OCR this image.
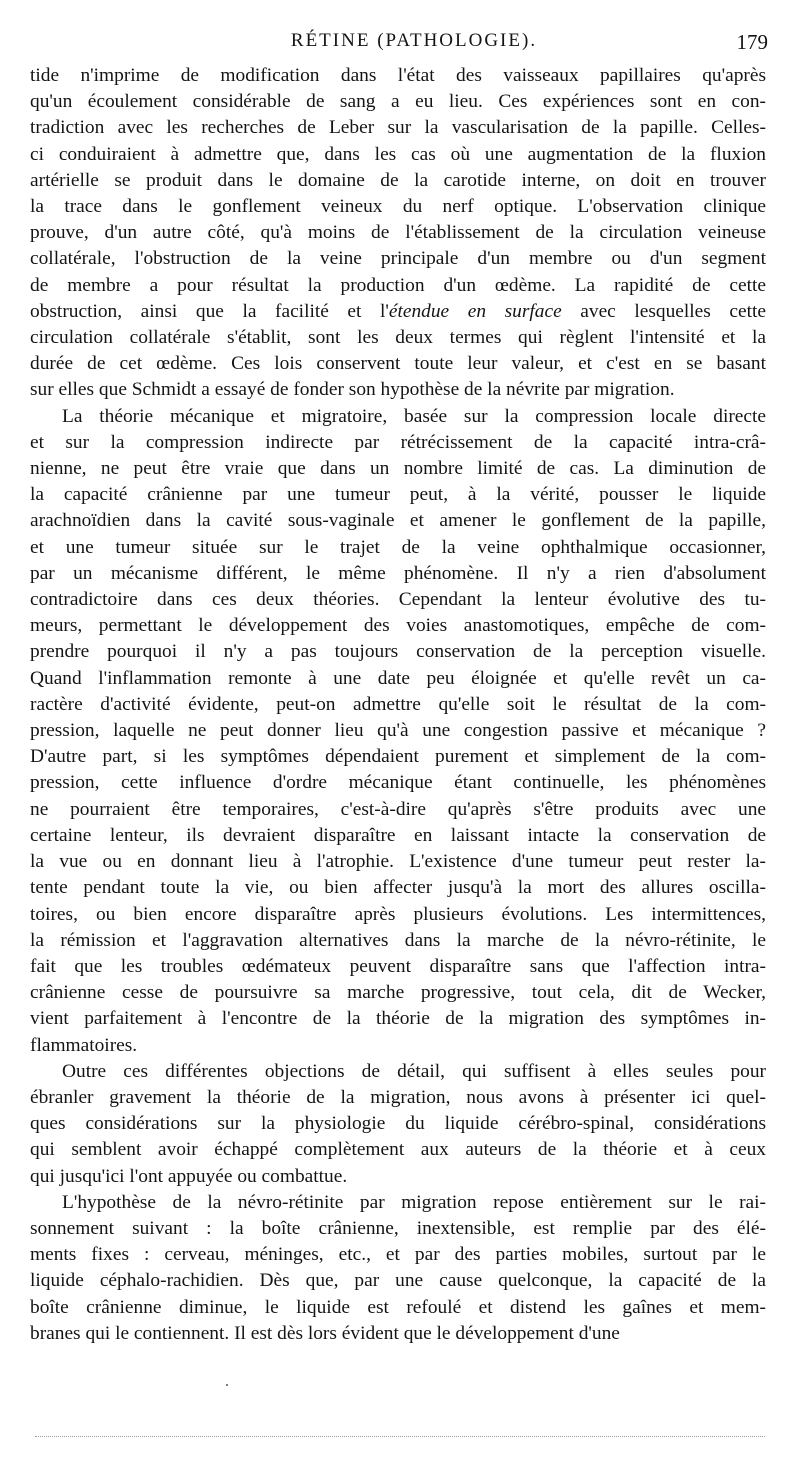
RÉTINE (PATHOLOGIE).	179
tide n'imprime de modification dans l'état des vaisseaux papillaires qu'après
qu'un écoulement considérable de sang a eu lieu. Ces expériences sont en con-
tradiction avec les recherches de Leber sur la vascularisation de la papille. Celles-
ci conduiraient à admettre que, dans les cas où une augmentation de la fluxion
artérielle se produit dans le domaine de la carotide interne, on doit en trouver
la trace dans le gonflement veineux du nerf optique. L'observation clinique
prouve, d'un autre côté, qu'à moins de l'établissement de la circulation veineuse
collatérale, l'obstruction de la veine principale d'un membre ou d'un segment
de membre a pour résultat la production d'un œdème. La rapidité de cette
obstruction, ainsi que la facilité et l'étendue en surface avec lesquelles cette
circulation collatérale s'établit, sont les deux termes qui règlent l'intensité et la
durée de cet œdème. Ces lois conservent toute leur valeur, et c'est en se basant
sur elles que Schmidt a essayé de fonder son hypothèse de la névrite par migration.
La théorie mécanique et migratoire, basée sur la compression locale directe
et sur la compression indirecte par rétrécissement de la capacité intra-crâ-
nienne, ne peut être vraie que dans un nombre limité de cas. La diminution de
la capacité crânienne par une tumeur peut, à la vérité, pousser le liquide
arachnoïdien dans la cavité sous-vaginale et amener le gonflement de la papille,
et une tumeur située sur le trajet de la veine ophthalmique occasionner,
par un mécanisme différent, le même phénomène. Il n'y a rien d'absolument
contradictoire dans ces deux théories. Cependant la lenteur évolutive des tu-
meurs, permettant le développement des voies anastomotiques, empêche de com-
prendre pourquoi il n'y a pas toujours conservation de la perception visuelle.
Quand l'inflammation remonte à une date peu éloignée et qu'elle revêt un ca-
ractère d'activité évidente, peut-on admettre qu'elle soit le résultat de la com-
pression, laquelle ne peut donner lieu qu'à une congestion passive et mécanique ?
D'autre part, si les symptômes dépendaient purement et simplement de la com-
pression, cette influence d'ordre mécanique étant continuelle, les phénomènes
ne pourraient être temporaires, c'est-à-dire qu'après s'être produits avec une
certaine lenteur, ils devraient disparaître en laissant intacte la conservation de
la vue ou en donnant lieu à l'atrophie. L'existence d'une tumeur peut rester la-
tente pendant toute la vie, ou bien affecter jusqu'à la mort des allures oscilla-
toires, ou bien encore disparaître après plusieurs évolutions. Les intermittences,
la rémission et l'aggravation alternatives dans la marche de la névro-rétinite, le
fait que les troubles œdémateux peuvent disparaître sans que l'affection intra-
crânienne cesse de poursuivre sa marche progressive, tout cela, dit de Wecker,
vient parfaitement à l'encontre de la théorie de la migration des symptômes in-
flammatoires.
Outre ces différentes objections de détail, qui suffisent à elles seules pour
ébranler gravement la théorie de la migration, nous avons à présenter ici quel-
ques considérations sur la physiologie du liquide cérébro-spinal, considérations
qui semblent avoir échappé complètement aux auteurs de la théorie et à ceux
qui jusqu'ici l'ont appuyée ou combattue.
L'hypothèse de la névro-rétinite par migration repose entièrement sur le rai-
sonnement suivant : la boîte crânienne, inextensible, est remplie par des élé-
ments fixes : cerveau, méninges, etc., et par des parties mobiles, surtout par le
liquide céphalo-rachidien. Dès que, par une cause quelconque, la capacité de la
boîte crânienne diminue, le liquide est refoulé et distend les gaînes et mem-
branes qui le contiennent. Il est dès lors évident que le développement d'une
